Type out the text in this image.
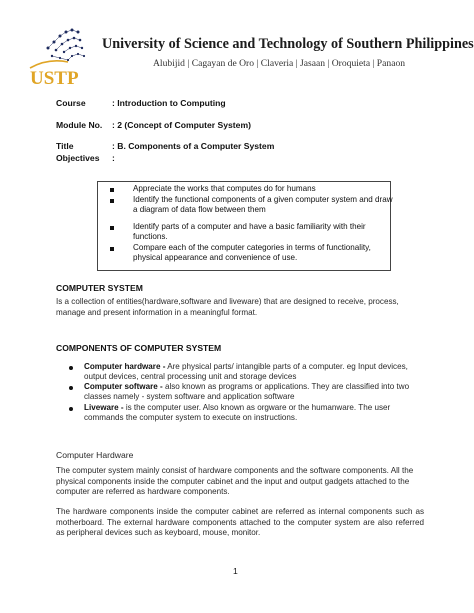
USTP
University of Science and Technology of Southern Philippines
Alubijid | Cagayan de Oro | Claveria | Jasaan | Oroquieta | Panaon
Course	: Introduction to Computing
Module No. : 2 (Concept of Computer System)
Title	: B. Components of a Computer System
Objectives :
Appreciate the works that computes do for humans
Identify the functional components of a given computer system and draw a diagram of data flow between them
Identify parts of a computer and have a basic familiarity with their functions.
Compare each of the computer categories in terms of functionality, physical appearance and convenience of use.
COMPUTER SYSTEM
Is a collection of entities(hardware,software and liveware) that are designed to receive, process, manage and present information in a meaningful format.
COMPONENTS OF COMPUTER SYSTEM
Computer hardware - Are physical parts/ intangible parts of a computer. eg Input devices, output devices, central processing unit and storage devices
Computer software - also known as programs or applications. They are classified into two classes namely - system software and application software
Liveware - is the computer user. Also known as orgware or the humanware. The user commands the computer system to execute on instructions.
Computer Hardware
The computer system mainly consist of hardware components and the software components. All the physical components inside the computer cabinet and the input and output gadgets attached to the computer are referred as hardware components.
The hardware components inside the computer cabinet are referred as internal components such as motherboard. The external hardware components attached to the computer system are also referred as peripheral devices such as keyboard, mouse, monitor.
1
